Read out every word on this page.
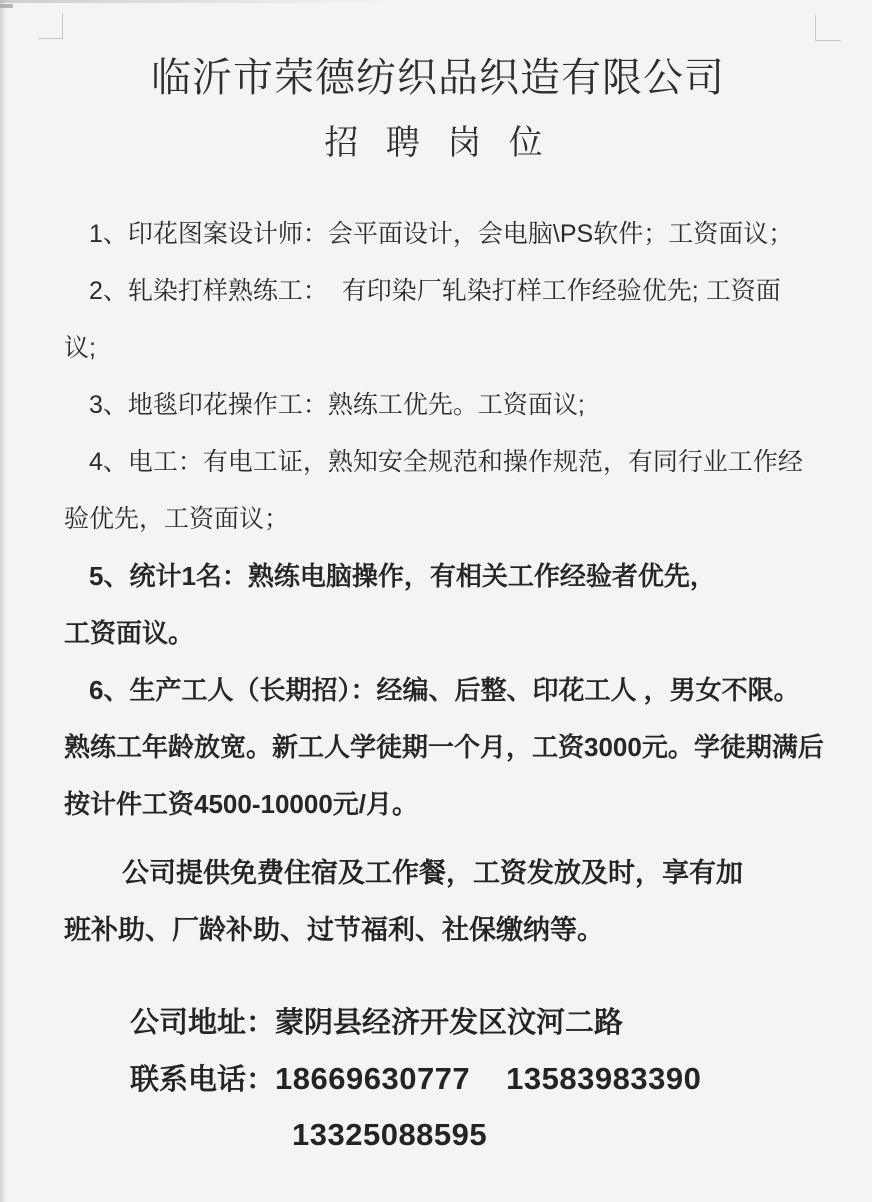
临沂市荣德纺织品织造有限公司
招 聘 岗 位
1、印花图案设计师：会平面设计，会电脑\PS软件；工资面议；
2、轧染打样熟练工：  有印染厂轧染打样工作经验优先; 工资面
议;
3、地毯印花操作工：熟练工优先。工资面议;
4、电工：有电工证，熟知安全规范和操作规范，有同行业工作经
验优先，工资面议；
5、统计1名：熟练电脑操作，有相关工作经验者优先，
工资面议。
6、生产工人（长期招）：经编、后整、印花工人 ，男女不限。
熟练工年龄放宽。新工人学徒期一个月，工资3000元。学徒期满后
按计件工资4500-10000元/月。
公司提供免费住宿及工作餐，工资发放及时，享有加
班补助、厂龄补助、过节福利、社保缴纳等。
公司地址：蒙阴县经济开发区汶河二路
联系电话：18669630777 13583983390
13325088595
